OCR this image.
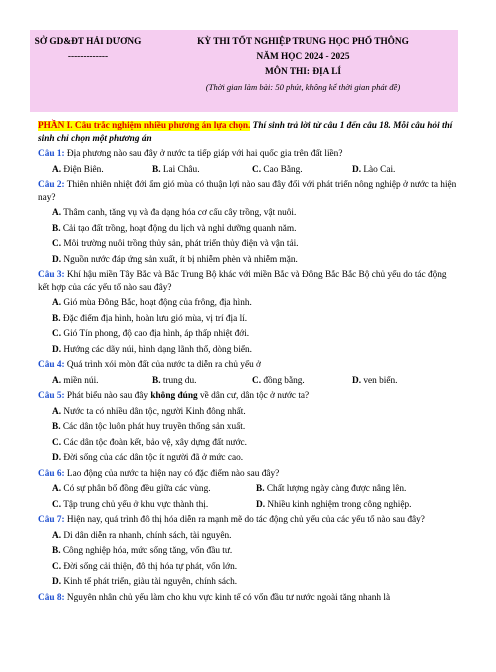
SỞ GD&ĐT HẢI DƯƠNG
-------------
KỲ THI TỐT NGHIỆP TRUNG HỌC PHỔ THÔNG
NĂM HỌC 2024 - 2025
MÔN THI: ĐỊA LÍ
(Thời gian làm bài: 50 phút, không kể thời gian phát đề)

PHẦN I. Câu trắc nghiệm nhiều phương án lựa chọn. Thí sinh trả lời từ câu 1 đến câu 18. Mỗi câu hỏi thí sinh chỉ chọn một phương án

Câu 1: Địa phương nào sau đây ở nước ta tiếp giáp với hai quốc gia trên đất liền?

A. Điện Biên.	B. Lai Châu.	C. Cao Bằng.	D. Lào Cai.

Câu 2: Thiên nhiên nhiệt đới ẩm gió mùa có thuận lợi nào sau đây đối với phát triển nông nghiệp ở nước ta hiện nay?

A. Thâm canh, tăng vụ và đa dạng hóa cơ cấu cây trồng, vật nuôi.

B. Cải tạo đất trồng, hoạt động du lịch và nghỉ dưỡng quanh năm.

C. Môi trường nuôi trồng thủy sản, phát triển thủy điện và vận tải.

D. Nguồn nước đáp ứng sản xuất, ít bị nhiễm phèn và nhiễm mặn.

Câu 3: Khí hậu miền Tây Bắc và Bắc Trung Bộ khác với miền Bắc và Đông Bắc Bắc Bộ chủ yếu do tác động kết hợp của các yếu tố nào sau đây?

A. Gió mùa Đông Bắc, hoạt động của frông, địa hình.

B. Đặc điểm địa hình, hoàn lưu gió mùa, vị trí địa lí.

C. Gió Tín phong, độ cao địa hình, áp thấp nhiệt đới.

D. Hướng các dãy núi, hình dạng lãnh thổ, dòng biển.

Câu 4: Quá trình xói mòn đất của nước ta diễn ra chủ yếu ở

A. miền núi.	B. trung du.	C. đồng bằng.	D. ven biển.

Câu 5: Phát biểu nào sau đây không đúng về dân cư, dân tộc ở nước ta?

A. Nước ta có nhiều dân tộc, người Kinh đông nhất.

B. Các dân tộc luôn phát huy truyền thống sản xuất.

C. Các dân tộc đoàn kết, bảo vệ, xây dựng đất nước.

D. Đời sống của các dân tộc ít người đã ở mức cao.

Câu 6: Lao động của nước ta hiện nay có đặc điểm nào sau đây?

A. Có sự phân bố đồng đều giữa các vùng.	B. Chất lượng ngày càng được nâng lên.
C. Tập trung chủ yếu ở khu vực thành thị.	D. Nhiều kinh nghiệm trong công nghiệp.

Câu 7: Hiện nay, quá trình đô thị hóa diễn ra mạnh mẽ do tác động chủ yếu của các yếu tố nào sau đây?

A. Di dân diễn ra nhanh, chính sách, tài nguyên.

B. Công nghiệp hóa, mức sống tăng, vốn đầu tư.

C. Đời sống cải thiện, đô thị hóa tự phát, vốn lớn.

D. Kinh tế phát triển, giàu tài nguyên, chính sách.

Câu 8: Nguyên nhân chủ yếu làm cho khu vực kinh tế có vốn đầu tư nước ngoài tăng nhanh là
